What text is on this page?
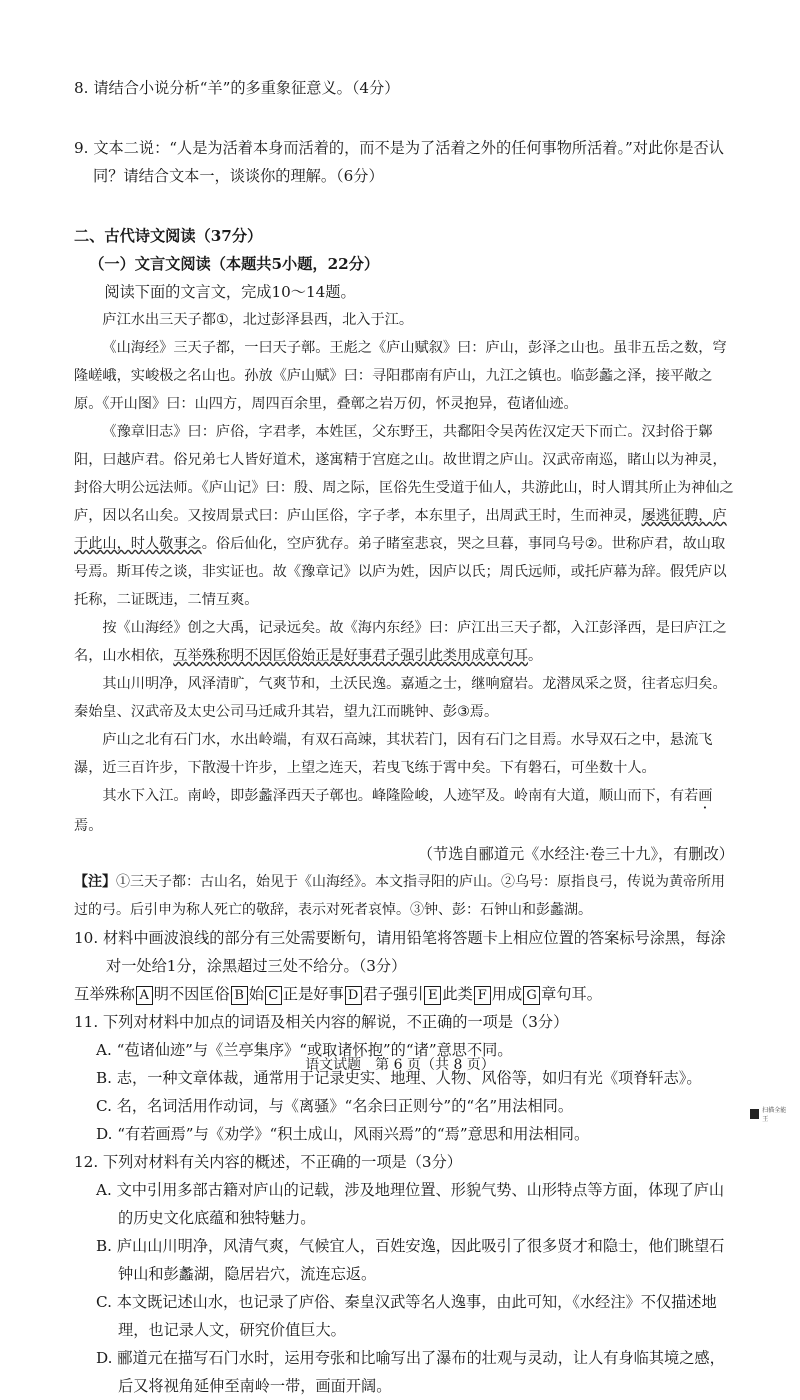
8. 请结合小说分析“羊”的多重象征意义。（4分）

9. 文本二说：“人是为活着本身而活着的，而不是为了活着之外的任何事物所活着。”对此你是否认同？请结合文本一，谈谈你的理解。（6分）

二、古代诗文阅读（37分）

（一）文言文阅读（本题共5小题，22分）

阅读下面的文言文，完成10～14题。

庐江水出三天子都①，北过彭泽县西，北入于江。

《山海经》三天子都，一曰天子鄣。王彪之《庐山赋叙》曰：庐山，彭泽之山也。虽非五岳之数，穹隆嵯峨，实峻极之名山也。孙放《庐山赋》曰：寻阳郡南有庐山，九江之镇也。临彭蠡之泽，接平敞之原。《开山图》曰：山四方，周四百余里，叠鄣之岩万仞，怀灵抱异，苞诸仙迹。

《豫章旧志》曰：庐俗，字君孝，本姓匡，父东野王，共鄱阳令吴芮佐汉定天下而亡。汉封俗于鄡阳，曰越庐君。俗兄弟七人皆好道术，遂寓精于宫庭之山。故世谓之庐山。汉武帝南巡，睹山以为神灵，封俗大明公远法师。《庐山记》曰：殷、周之际，匡俗先生受道于仙人，共游此山，时人谓其所止为神仙之庐，因以名山矣。又按周景式曰：庐山匡俗，字子孝，本东里子，出周武王时，生而神灵，屡逃征聘，庐于此山，时人敬事之。俗后仙化，空庐犹存。弟子睹室悲哀，哭之旦暮，事同乌号②。世称庐君，故山取号焉。斯耳传之谈，非实证也。故《豫章记》以庐为姓，因庐以氏；周氏远师，或托庐幕为辞。假凭庐以托称，二证既违，二情互爽。

按《山海经》创之大禹，记录远矣。故《海内东经》曰：庐江出三天子都，入江彭泽西，是曰庐江之名，山水相依，互举殊称明不因匡俗始正是好事君子强引此类用成章句耳。

其山川明净，风泽清旷，气爽节和，土沃民逸。嘉遁之士，继响窟岩。龙潜凤采之贤，往者忘归矣。秦始皇、汉武帝及太史公司马迁咸升其岩，望九江而眺钟、彭③焉。

庐山之北有石门水，水出岭端，有双石高竦，其状若门，因有石门之目焉。水导双石之中，悬流飞瀑，近三百许步，下散漫十许步，上望之连天，若曳飞练于霄中矣。下有磐石，可坐数十人。

其水下入江。南岭，即彭蠡泽西天子鄣也。峰隆险峻，人迹罕及。岭南有大道，顺山而下，有若画焉。

（节选自郦道元《水经注·卷三十九》，有删改）

【注】①三天子都：古山名，始见于《山海经》。本文指寻阳的庐山。②乌号：原指良弓，传说为黄帝所用过的弓。后引申为称人死亡的敬辞，表示对死者哀悼。③钟、彭：石钟山和彭蠡湖。

10. 材料中画波浪线的部分有三处需要断句，请用铅笔将答题卡上相应位置的答案标号涂黑，每涂对一处给1分，涂黑超过三处不给分。（3分）

互举殊称 A 明不因匡俗 B 始 C 正是好事 D 君子强引 E 此类 F 用成 G 章句耳。

11. 下列对材料中加点的词语及相关内容的解说，不正确的一项是（3分）

A. “苞诸仙迹”与《兰亭集序》“或取诸怀抱”的“诸”意思不同。

B. 志，一种文章体裁，通常用于记录史实、地理、人物、风俗等，如归有光《项脊轩志》。

C. 名，名词活用作动词，与《离骚》“名余曰正则兮”的“名”用法相同。

D. “有若画焉”与《劝学》“积土成山，风雨兴焉”的“焉”意思和用法相同。

12. 下列对材料有关内容的概述，不正确的一项是（3分）

A. 文中引用多部古籍对庐山的记载，涉及地理位置、形貌气势、山形特点等方面，体现了庐山的历史文化底蕴和独特魅力。

B. 庐山山川明净，风清气爽，气候宜人，百姓安逸，因此吸引了很多贤才和隐士，他们眺望石钟山和彭蠡湖，隐居岩穴，流连忘返。

C. 本文既记述山水，也记录了庐俗、秦皇汉武等名人逸事，由此可知，《水经注》不仅描述地理，也记录人文，研究价值巨大。

D. 郦道元在描写石门水时，运用夸张和比喻写出了瀑布的壮观与灵动，让人有身临其境之感，后又将视角延伸至南岭一带，画面开阔。

语文试题　第 6 页（共 8 页）
扫描全能王
